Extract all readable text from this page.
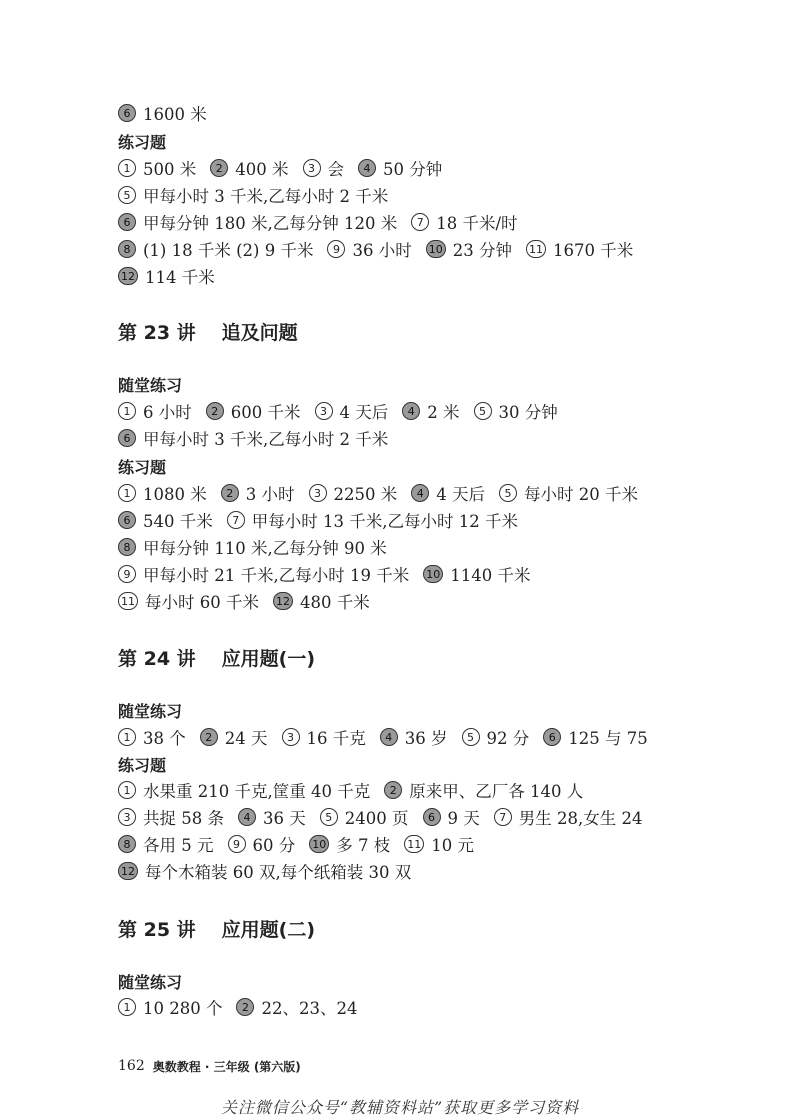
6 1600 米
练习题
1 500 米	2 400 米	3 会	4 50 分钟
5 甲每小时 3 千米,乙每小时 2 千米
6 甲每分钟 180 米,乙每分钟 120 米	7 18 千米/时
8 (1) 18 千米 (2) 9 千米	9 36 小时 10 23 分钟 11 1670 千米
12 114 千米
第 23 讲 追及问题
随堂练习
1 6 小时	2 600 千米	3 4 天后	4 2 米	5 30 分钟
6 甲每小时 3 千米,乙每小时 2 千米
练习题
1 1080 米	2 3 小时	3 2250 米	4 4 天后	5 每小时 20 千米
6 540 千米	7 甲每小时 13 千米,乙每小时 12 千米
8 甲每分钟 110 米,乙每分钟 90 米
9 甲每小时 21 千米,乙每小时 19 千米 10 1140 千米
11 每小时 60 千米 12 480 千米
第 24 讲 应用题(一)
随堂练习
1 38 个	2 24 天	3 16 千克	4 36 岁	5 92 分	6 125 与 75
练习题
1 水果重 210 千克,筐重 40 千克	2 原来甲、乙厂各 140 人
3 共捉 58 条	4 36 天	5 2400 页	6 9 天	7 男生 28,女生 24
8 各用 5 元	9 60 分 10 多 7 枝 11 10 元
12 每个木箱装 60 双,每个纸箱装 30 双
第 25 讲 应用题(二)
随堂练习
1 10 280 个	2 22、23、24
162 奥数教程 · 三年级 (第六版)
关注微信公众号“教辅资料站”获取更多学习资料
